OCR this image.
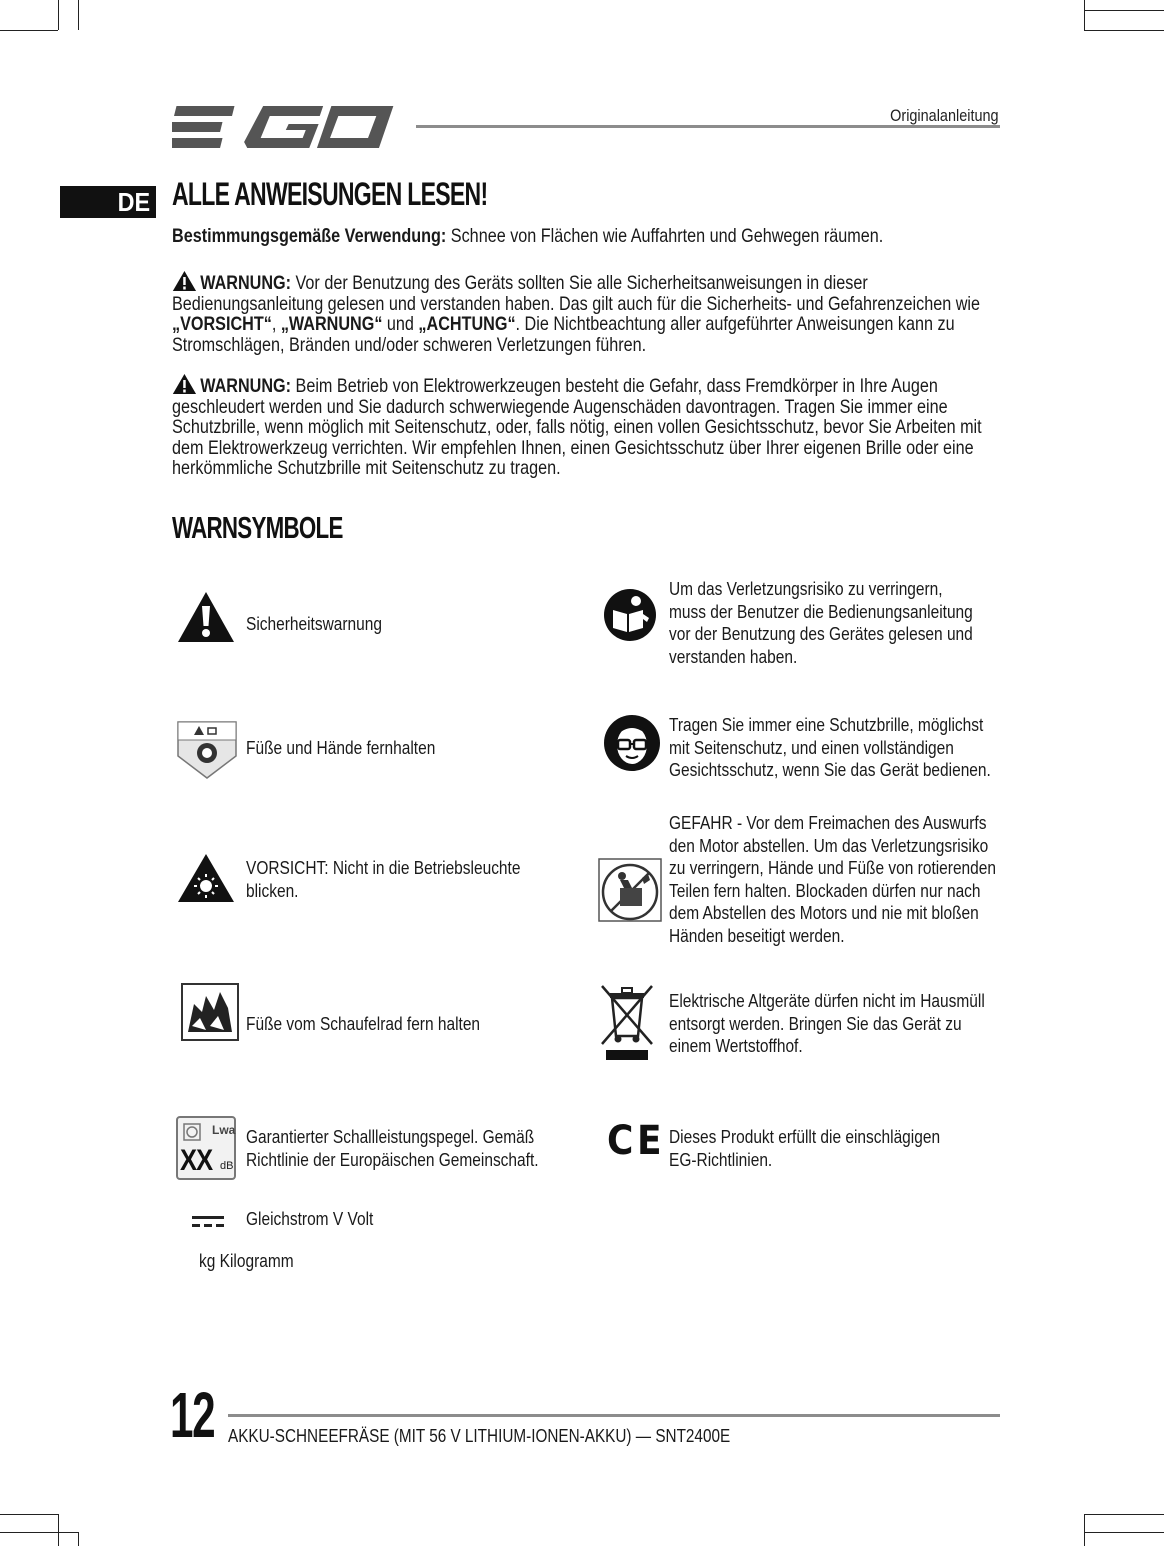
Originalanleitung
DE ALLE ANWEISUNGEN LESEN!
Bestimmungsgemäße Verwendung: Schnee von Flächen wie Auffahrten und Gehwegen räumen.
WARNUNG: Vor der Benutzung des Geräts sollten Sie alle Sicherheitsanweisungen in dieser Bedienungsanleitung gelesen und verstanden haben. Das gilt auch für die Sicherheits- und Gefahrenzeichen wie „VORSICHT“, „WARNUNG“ und „ACHTUNG“. Die Nichtbeachtung aller aufgeführter Anweisungen kann zu Stromschlägen, Bränden und/oder schweren Verletzungen führen.
WARNUNG: Beim Betrieb von Elektrowerkzeugen besteht die Gefahr, dass Fremdkörper in Ihre Augen geschleudert werden und Sie dadurch schwerwiegende Augenschäden davontragen. Tragen Sie immer eine Schutzbrille, wenn möglich mit Seitenschutz, oder, falls nötig, einen vollen Gesichtsschutz, bevor Sie Arbeiten mit dem Elektrowerkzeug verrichten. Wir empfehlen Ihnen, einen Gesichtsschutz über Ihrer eigenen Brille oder eine herkömmliche Schutzbrille mit Seitenschutz zu tragen.
WARNSYMBOLE
Sicherheitswarnung
Füße und Hände fernhalten
VORSICHT: Nicht in die Betriebsleuchte
blicken.
Füße vom Schaufelrad fern halten
Lwa
XX dB
Garantierter Schallleistungspegel. Gemäß
Richtlinie der Europäischen Gemeinschaft.
Gleichstrom V Volt
kg Kilogramm
Um das Verletzungsrisiko zu verringern,
muss der Benutzer die Bedienungsanleitung
vor der Benutzung des Gerätes gelesen und
verstanden haben.
Tragen Sie immer eine Schutzbrille, möglichst
mit Seitenschutz, und einen vollständigen
Gesichtsschutz, wenn Sie das Gerät bedienen.
GEFAHR - Vor dem Freimachen des Auswurfs
den Motor abstellen. Um das Verletzungsrisiko
zu verringern, Hände und Füße von rotierenden
Teilen fern halten. Blockaden dürfen nur nach
dem Abstellen des Motors und nie mit bloßen
Händen beseitigt werden.
Elektrische Altgeräte dürfen nicht im Hausmüll
entsorgt werden. Bringen Sie das Gerät zu
einem Wertstoffhof.
CE Dieses Produkt erfüllt die einschlägigen
EG-Richtlinien.
12 AKKU-SCHNEEFRÄSE (MIT 56 V LITHIUM-IONEN-AKKU) — SNT2400E
